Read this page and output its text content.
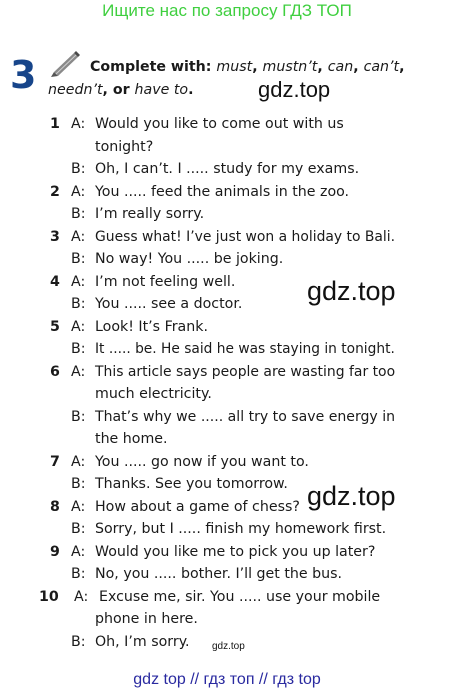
Ищите нас по запросу ГДЗ ТОП
3	Complete with: must, mustn’t, can, can’t,
needn’t, or have to.	gdz.top
gdz.top
gdz.top
gdz.top
1 A: Would you like to come out with us
tonight?
B: Oh, I can’t. I ..... study for my exams.
2 A: You ..... feed the animals in the zoo.
B: I’m really sorry.
3 A: Guess what! I’ve just won a holiday to Bali.
B: No way! You ..... be joking.
4 A: I’m not feeling well.
B: You ..... see a doctor.
5 A: Look! It’s Frank.
B: It ..... be. He said he was staying in tonight.
6 A: This article says people are wasting far too
much electricity.
B: That’s why we ..... all try to save energy in
the home.
7 A: You ..... go now if you want to.
B: Thanks. See you tomorrow.
8 A: How about a game of chess?
B: Sorry, but I ..... finish my homework first.
9 A: Would you like me to pick you up later?
B: No, you ..... bother. I’ll get the bus.
10 A: Excuse me, sir. You ..... use your mobile
phone in here.
B: Oh, I’m sorry.
gdz top // гдз топ // гдз top
